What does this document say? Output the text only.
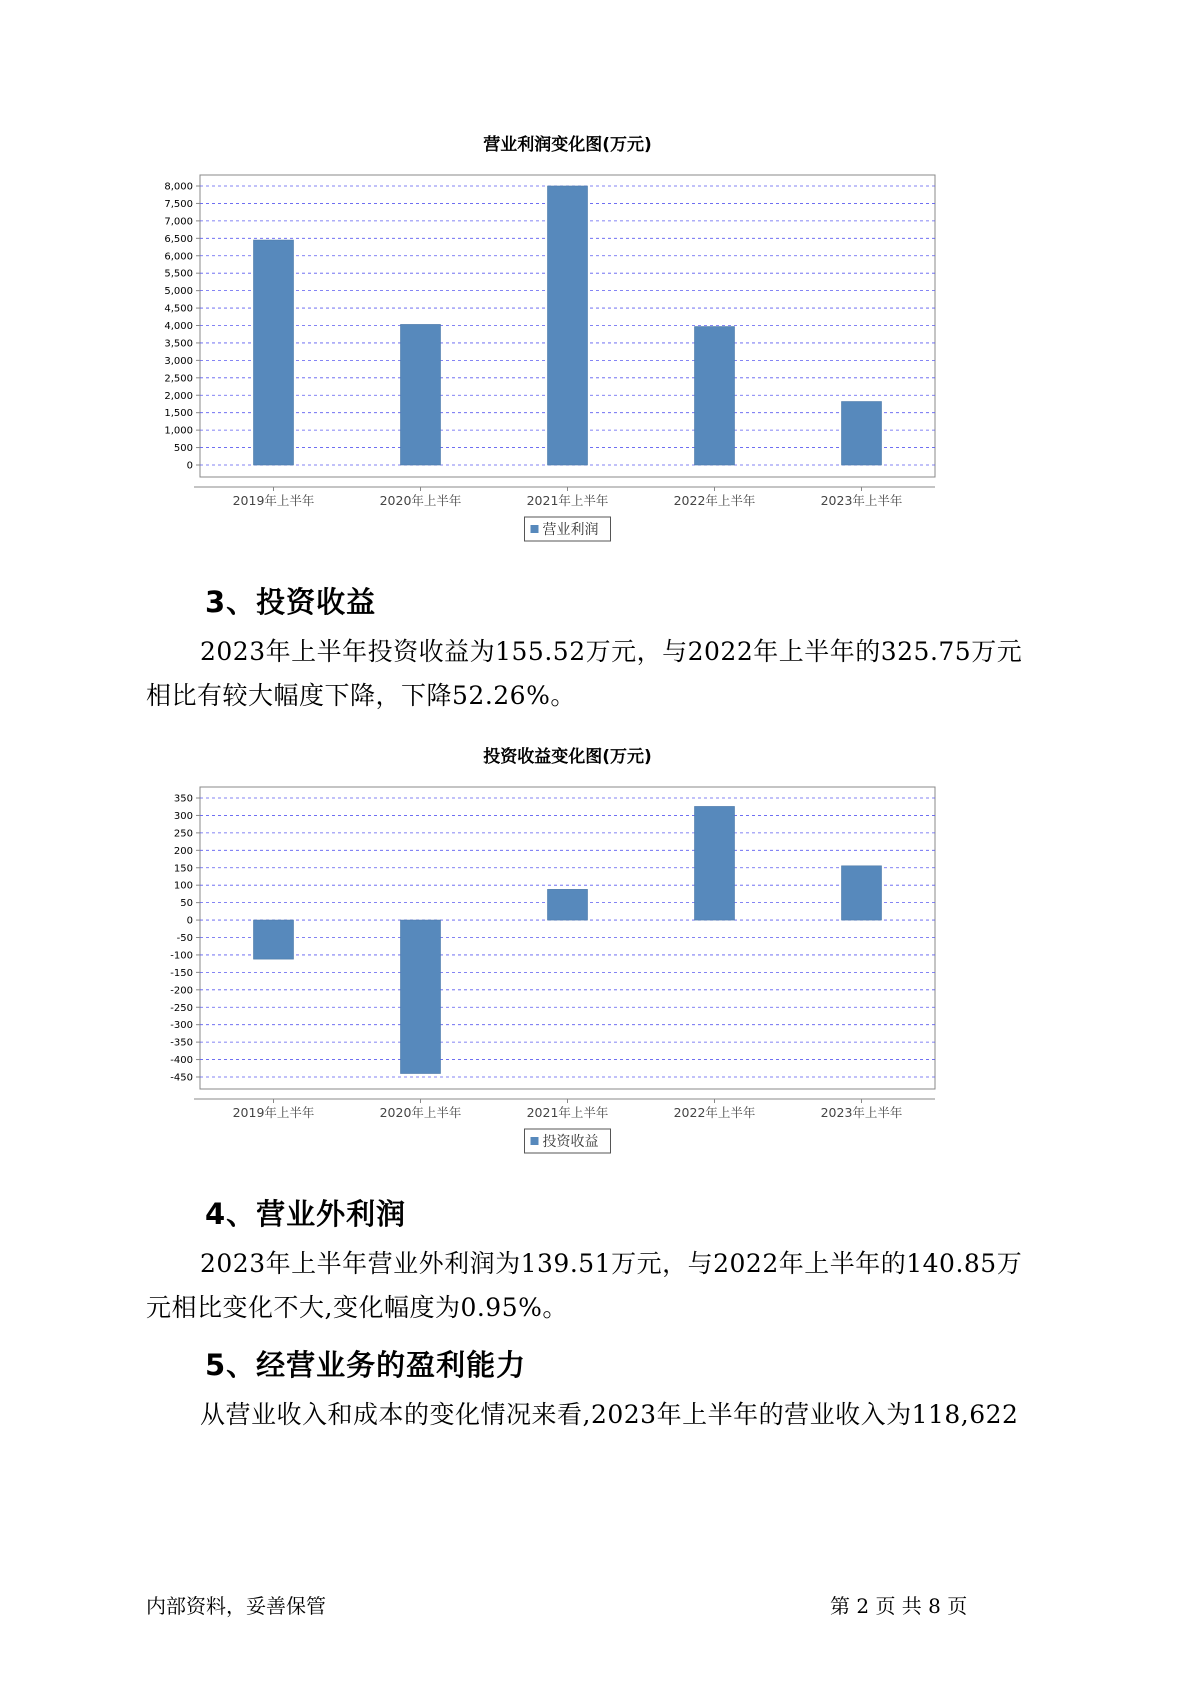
营业利润变化图(万元)
0
500
1,000
1,500
2,000
2,500
3,000
3,500
4,000
4,500
5,000
5,500
6,000
6,500
7,000
7,500
8,000
2019年上半年	2020年上半年	2021年上半年	2022年上半年	2023年上半年
营业利润
3、投资收益
2023年上半年投资收益为155.52万元，与2022年上半年的325.75万元
相比有较大幅度下降，下降52.26%。
投资收益变化图(万元)
-450
-400
-350
-300
-250
-200
-150
-100
-50
0
50
100
150
200
250
300
350
2019年上半年	2020年上半年	2021年上半年	2022年上半年	2023年上半年
投资收益
4、营业外利润
2023年上半年营业外利润为139.51万元，与2022年上半年的140.85万
元相比变化不大,变化幅度为0.95%。
5、经营业务的盈利能力
从营业收入和成本的变化情况来看,2023年上半年的营业收入为118,622
内部资料，妥善保管	第 2 页 共 8 页
